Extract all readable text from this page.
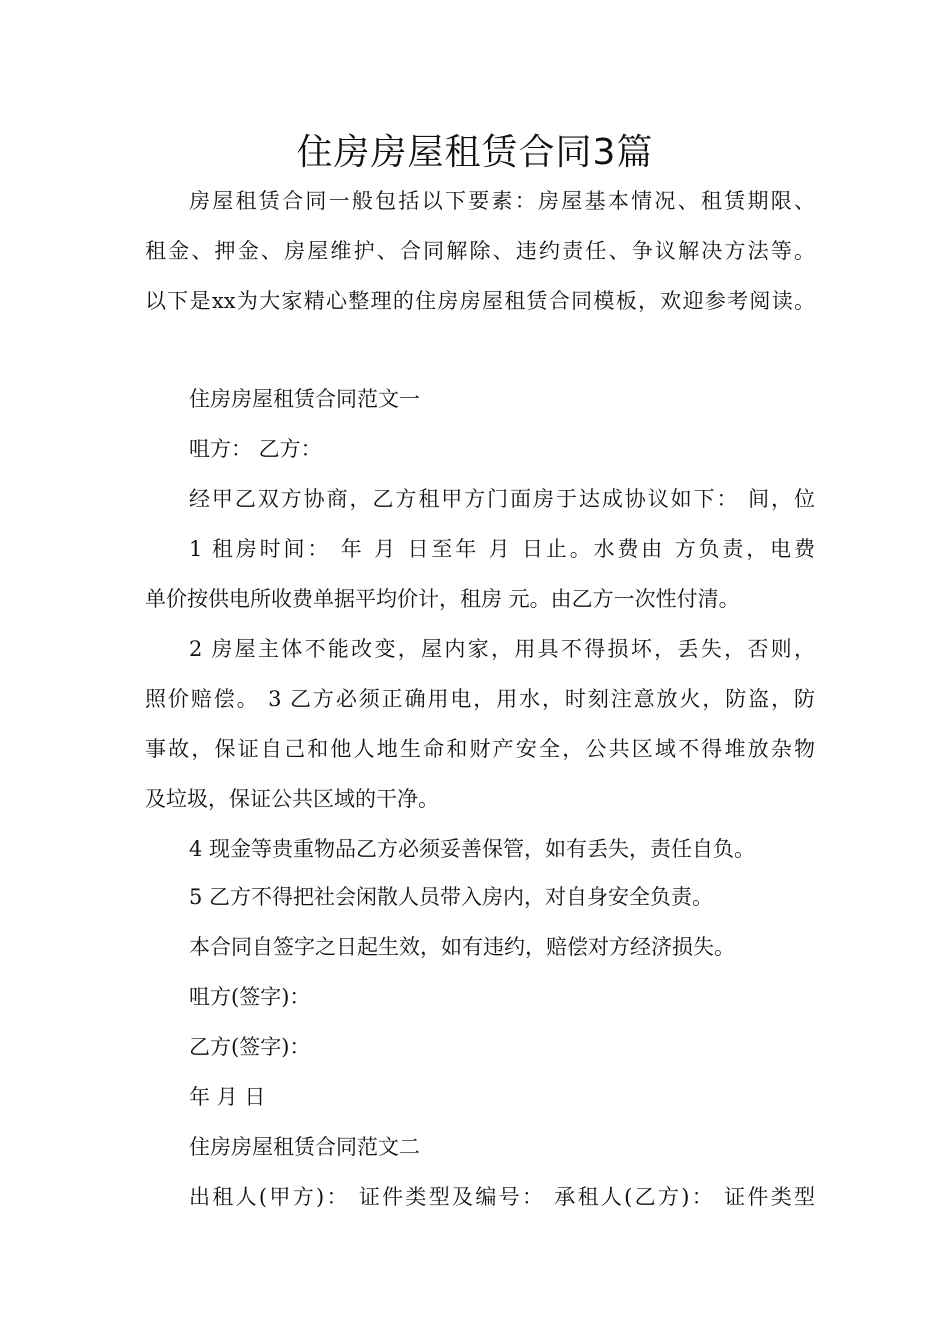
住房房屋租赁合同3篇
房屋租赁合同一般包括以下要素：房屋基本情况、租赁期限、
租金、押金、房屋维护、合同解除、违约责任、争议解决方法等。
以下是xx为大家精心整理的住房房屋租赁合同模板，欢迎参考阅读。
住房房屋租赁合同范文一
咀方： 乙方：
经甲乙双方协商，乙方租甲方门面房于达成协议如下： 间，位
1 租房时间： 年 月 日至年 月 日止。水费由 方负责，电费
单价按供电所收费单据平均价计，租房 元。由乙方一次性付清。
2 房屋主体不能改变，屋内家，用具不得损坏，丢失，否则，
照价赔偿。 3 乙方必须正确用电，用水，时刻注意放火，防盗，防
事故，保证自己和他人地生命和财产安全，公共区域不得堆放杂物
及垃圾，保证公共区域的干净。
4 现金等贵重物品乙方必须妥善保管，如有丢失，责任自负。
5 乙方不得把社会闲散人员带入房内，对自身安全负责。
本合同自签字之日起生效，如有违约，赔偿对方经济损失。
咀方(签字)：
乙方(签字)：
年 月 日
住房房屋租赁合同范文二
出租人(甲方)： 证件类型及编号： 承租人(乙方)： 证件类型
